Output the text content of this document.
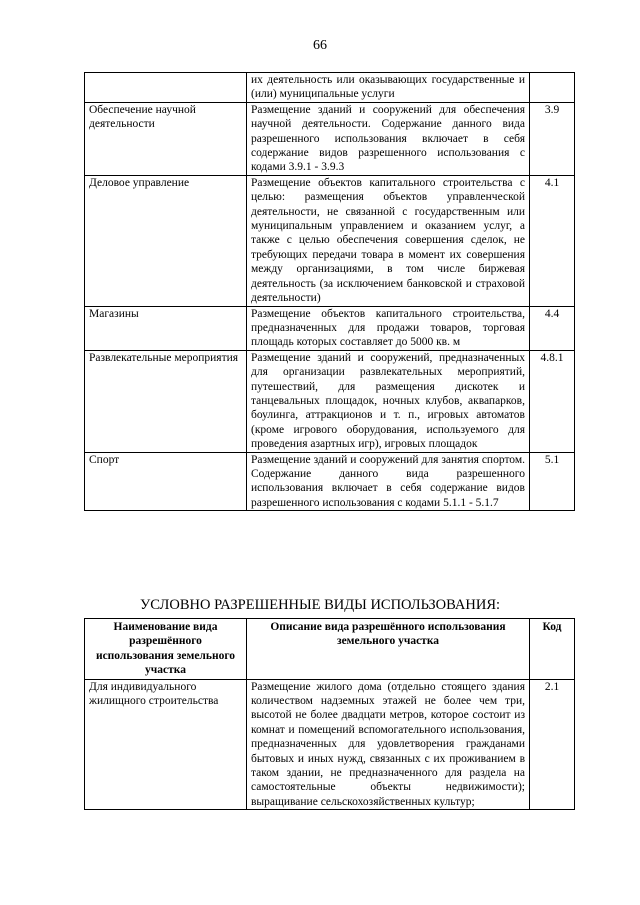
66
	их деятельность или оказывающих государственные и (или) муниципальные услуги	
Обеспечение научной деятельности	Размещение зданий и сооружений для обеспечения научной деятельности. Содержание данного вида разрешенного использования включает в себя содержание видов разрешенного использования с кодами 3.9.1 - 3.9.3	3.9
Деловое управление	Размещение объектов капитального строительства с целью: размещения объектов управленческой деятельности, не связанной с государственным или муниципальным управлением и оказанием услуг, а также с целью обеспечения совершения сделок, не требующих передачи товара в момент их совершения между организациями, в том числе биржевая деятельность (за исключением банковской и страховой деятельности)	4.1
Магазины	Размещение объектов капитального строительства, предназначенных для продажи товаров, торговая площадь которых составляет до 5000 кв. м	4.4
Развлекательные мероприятия	Размещение зданий и сооружений, предназначенных для организации развлекательных мероприятий, путешествий, для размещения дискотек и танцевальных площадок, ночных клубов, аквапарков, боулинга, аттракционов и т. п., игровых автоматов (кроме игрового оборудования, используемого для проведения азартных игр), игровых площадок	4.8.1
Спорт	Размещение зданий и сооружений для занятия спортом. Содержание данного вида разрешенного использования включает в себя содержание видов разрешенного использования с кодами 5.1.1 - 5.1.7	5.1
УСЛОВНО РАЗРЕШЕННЫЕ ВИДЫ ИСПОЛЬЗОВАНИЯ:
Наименование вида разрешённого использования земельного участка	Описание вида разрешённого использования земельного участка	Код
Для индивидуального жилищного строительства	Размещение жилого дома (отдельно стоящего здания количеством надземных этажей не более чем три, высотой не более двадцати метров, которое состоит из комнат и помещений вспомогательного использования, предназначенных для удовлетворения гражданами бытовых и иных нужд, связанных с их проживанием в таком здании, не предназначенного для раздела на самостоятельные объекты недвижимости); выращивание сельскохозяйственных культур;	2.1
